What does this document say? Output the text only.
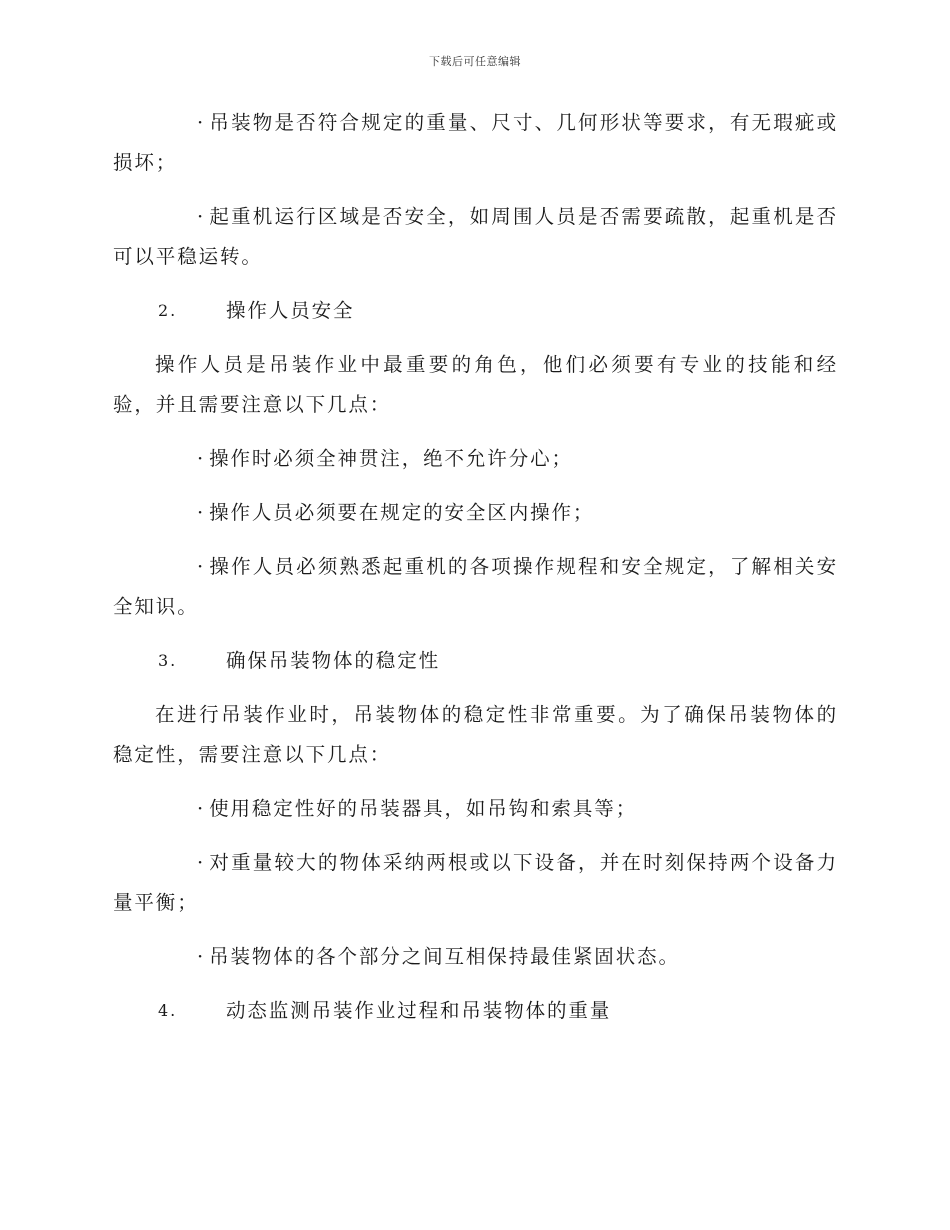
下载后可任意编辑

· 吊装物是否符合规定的重量、尺寸、几何形状等要求，有无瑕疵或损坏；

· 起重机运行区域是否安全，如周围人员是否需要疏散，起重机是否可以平稳运转。

2.	操作人员安全

操作人员是吊装作业中最重要的角色，他们必须要有专业的技能和经验，并且需要注意以下几点：

· 操作时必须全神贯注，绝不允许分心；

· 操作人员必须要在规定的安全区内操作；

· 操作人员必须熟悉起重机的各项操作规程和安全规定，了解相关安全知识。

3.	确保吊装物体的稳定性

在进行吊装作业时，吊装物体的稳定性非常重要。为了确保吊装物体的稳定性，需要注意以下几点：

· 使用稳定性好的吊装器具，如吊钩和索具等；

· 对重量较大的物体采纳两根或以下设备，并在时刻保持两个设备力量平衡；

· 吊装物体的各个部分之间互相保持最佳紧固状态。

4.	动态监测吊装作业过程和吊装物体的重量
